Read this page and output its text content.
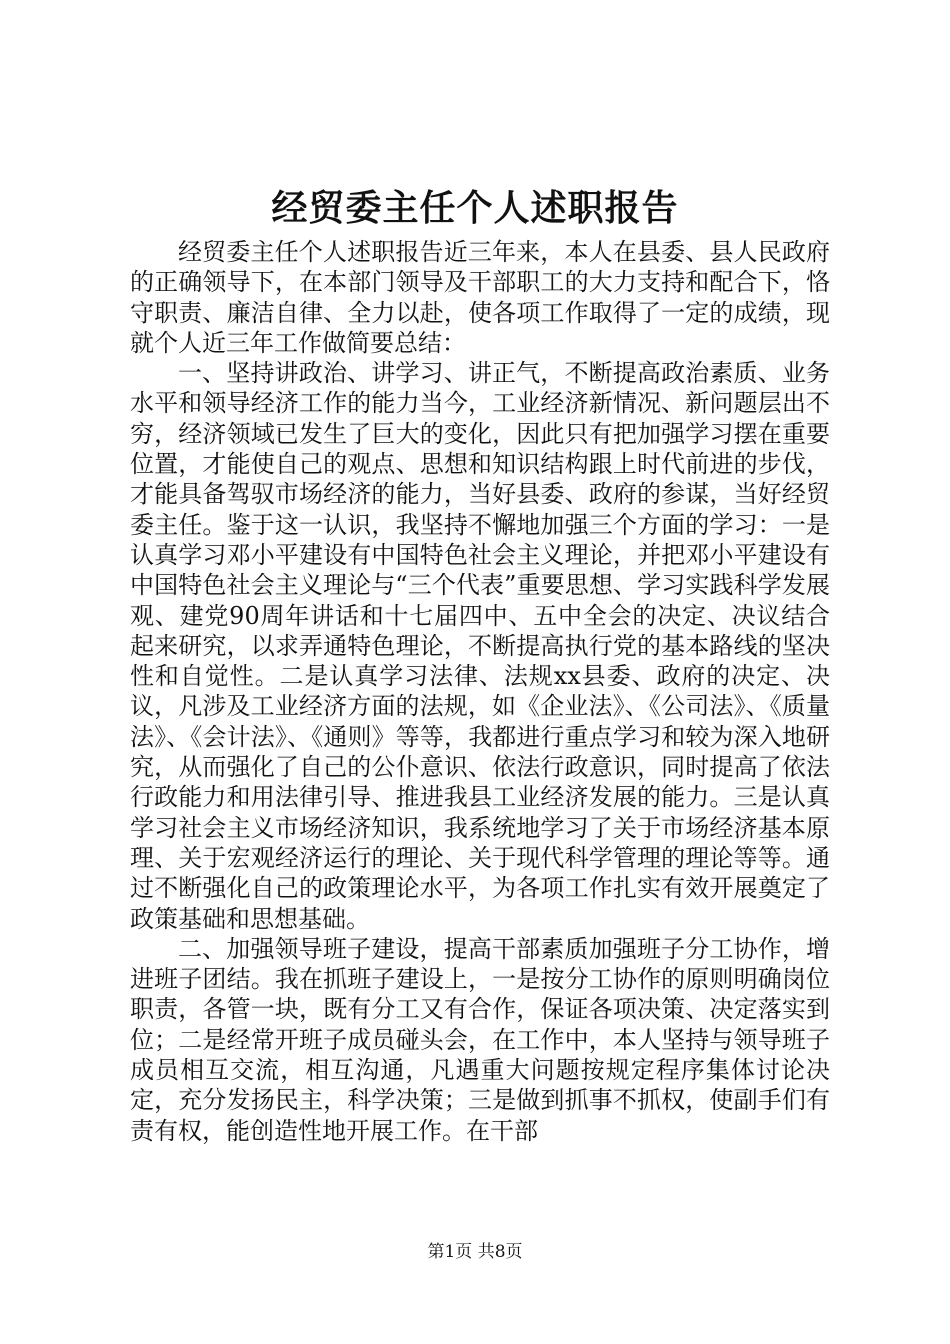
经贸委主任个人述职报告

经贸委主任个人述职报告近三年来，本人在县委、县人民政府的正确领导下，在本部门领导及干部职工的大力支持和配合下，恪守职责、廉洁自律、全力以赴，使各项工作取得了一定的成绩，现就个人近三年工作做简要总结：

一、坚持讲政治、讲学习、讲正气，不断提高政治素质、业务水平和领导经济工作的能力当今，工业经济新情况、新问题层出不穷，经济领域已发生了巨大的变化，因此只有把加强学习摆在重要位置，才能使自己的观点、思想和知识结构跟上时代前进的步伐，才能具备驾驭市场经济的能力，当好县委、政府的参谋，当好经贸委主任。鉴于这一认识，我坚持不懈地加强三个方面的学习：一是认真学习邓小平建设有中国特色社会主义理论，并把邓小平建设有中国特色社会主义理论与“三个代表”重要思想、学习实践科学发展观、建党90周年讲话和十七届四中、五中全会的决定、决议结合起来研究，以求弄通特色理论，不断提高执行党的基本路线的坚决性和自觉性。二是认真学习法律、法规xx县委、政府的决定、决议，凡涉及工业经济方面的法规，如《企业法》、《公司法》、《质量法》、《会计法》、《通则》等等，我都进行重点学习和较为深入地研究，从而强化了自己的公仆意识、依法行政意识，同时提高了依法行政能力和用法律引导、推进我县工业经济发展的能力。三是认真学习社会主义市场经济知识，我系统地学习了关于市场经济基本原理、关于宏观经济运行的理论、关于现代科学管理的理论等等。通过不断强化自己的政策理论水平，为各项工作扎实有效开展奠定了政策基础和思想基础。

二、加强领导班子建设，提高干部素质加强班子分工协作，增进班子团结。我在抓班子建设上，一是按分工协作的原则明确岗位职责，各管一块，既有分工又有合作，保证各项决策、决定落实到位；二是经常开班子成员碰头会，在工作中，本人坚持与领导班子成员相互交流，相互沟通，凡遇重大问题按规定程序集体讨论决定，充分发扬民主，科学决策；三是做到抓事不抓权，使副手们有责有权，能创造性地开展工作。在干部

第1页 共8页
